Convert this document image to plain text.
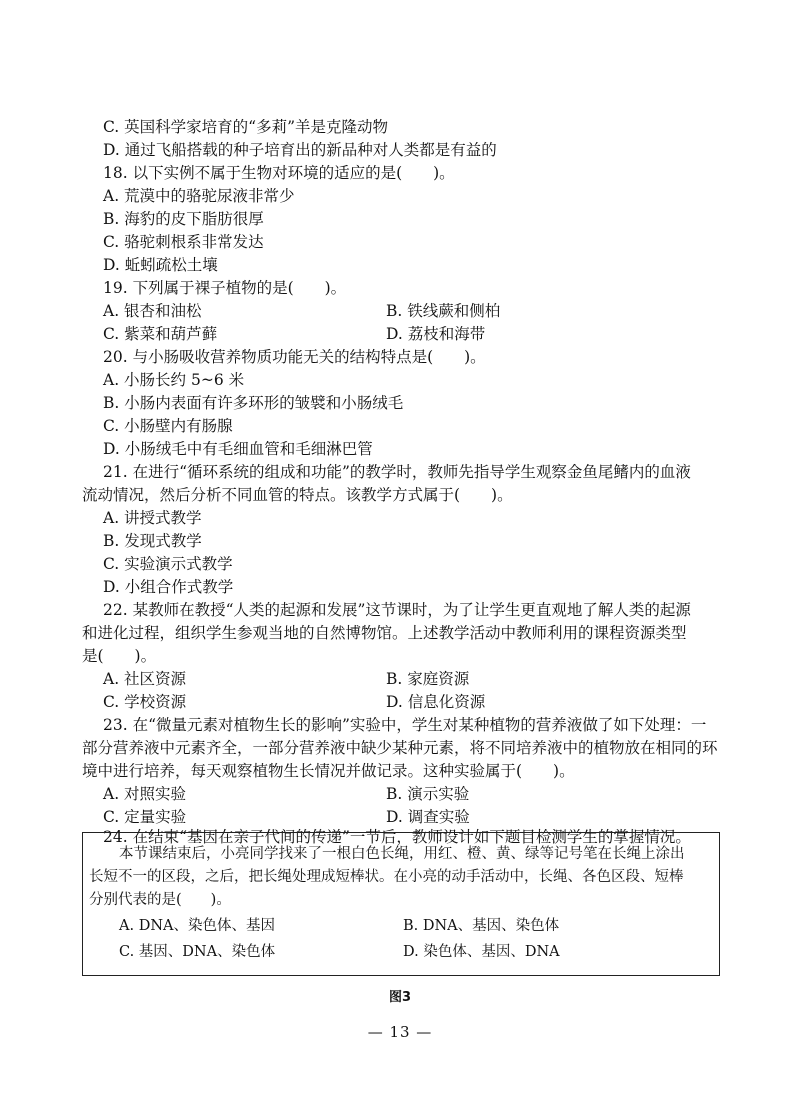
C. 英国科学家培育的“多莉”羊是克隆动物
D. 通过飞船搭载的种子培育出的新品种对人类都是有益的
18. 以下实例不属于生物对环境的适应的是(　　)。
A. 荒漠中的骆驼尿液非常少
B. 海豹的皮下脂肪很厚
C. 骆驼刺根系非常发达
D. 蚯蚓疏松土壤
19. 下列属于裸子植物的是(　　)。
A. 银杏和油松	B. 铁线蕨和侧柏
C. 紫菜和葫芦藓	D. 荔枝和海带
20. 与小肠吸收营养物质功能无关的结构特点是(　　)。
A. 小肠长约 5~6 米
B. 小肠内表面有许多环形的皱襞和小肠绒毛
C. 小肠壁内有肠腺
D. 小肠绒毛中有毛细血管和毛细淋巴管
21. 在进行“循环系统的组成和功能”的教学时，教师先指导学生观察金鱼尾鳍内的血液
流动情况，然后分析不同血管的特点。该教学方式属于(　　)。
A. 讲授式教学
B. 发现式教学
C. 实验演示式教学
D. 小组合作式教学
22. 某教师在教授“人类的起源和发展”这节课时，为了让学生更直观地了解人类的起源
和进化过程，组织学生参观当地的自然博物馆。上述教学活动中教师利用的课程资源类型
是(　　)。
A. 社区资源	B. 家庭资源
C. 学校资源	D. 信息化资源
23. 在“微量元素对植物生长的影响”实验中，学生对某种植物的营养液做了如下处理：一
部分营养液中元素齐全，一部分营养液中缺少某种元素，将不同培养液中的植物放在相同的环
境中进行培养，每天观察植物生长情况并做记录。这种实验属于(　　)。
A. 对照实验	B. 演示实验
C. 定量实验	D. 调查实验
24. 在结束“基因在亲子代间的传递”一节后，教师设计如下题目检测学生的掌握情况。
本节课结束后，小亮同学找来了一根白色长绳，用红、橙、黄、绿等记号笔在长绳上涂出
长短不一的区段，之后，把长绳处理成短棒状。在小亮的动手活动中，长绳、各色区段、短棒
分别代表的是(　　)。
A. DNA、染色体、基因	B. DNA、基因、染色体
C. 基因、DNA、染色体	D. 染色体、基因、DNA
图3
— 13 —
